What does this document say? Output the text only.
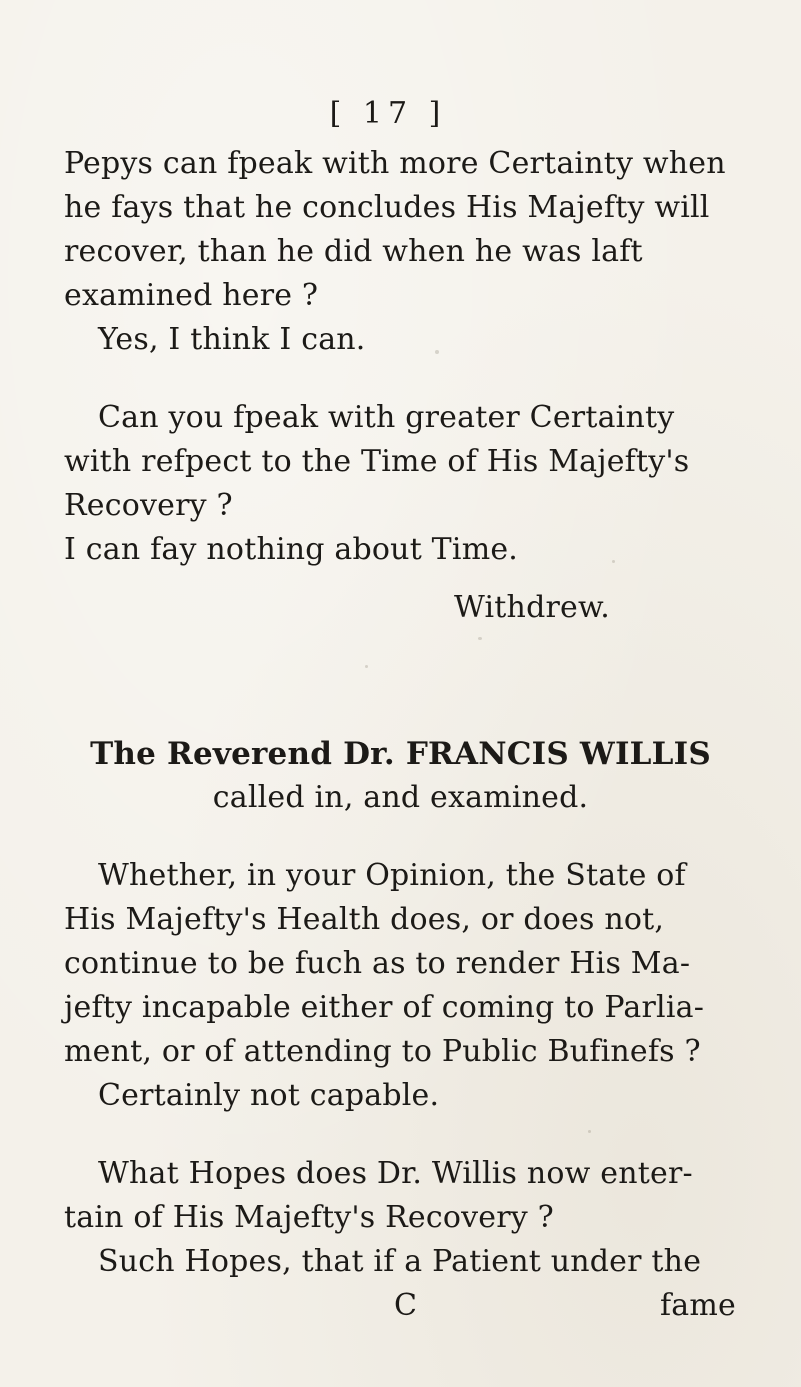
[ 17 ]
Pepys can fpeak with more Certainty when
he fays that he concludes His Majefty will
recover, than he did when he was laft
examined here ?
Yes, I think I can.
Can you fpeak with greater Certainty
with refpect to the Time of His Majefty's
Recovery ?
I can fay nothing about Time.
Withdrew.
The Reverend Dr. FRANCIS WILLIS
called in, and examined.
Whether, in your Opinion, the State of
His Majefty's Health does, or does not,
continue to be fuch as to render His Ma-
jefty incapable either of coming to Parlia-
ment, or of attending to Public Bufinefs ?
Certainly not capable.
What Hopes does Dr. Willis now enter-
tain of His Majefty's Recovery ?
Such Hopes, that if a Patient under the
C	fame
